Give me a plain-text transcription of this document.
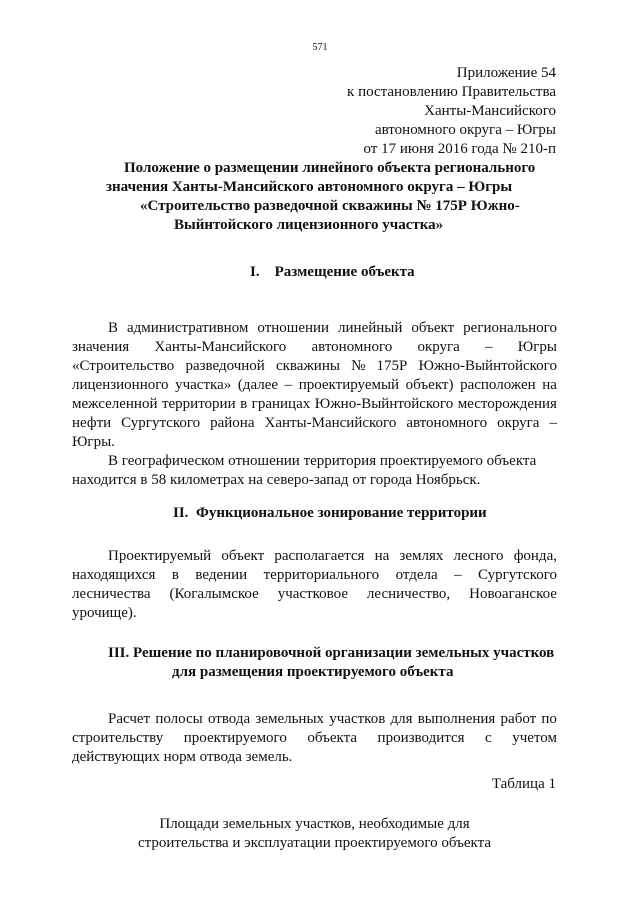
571
Приложение 54
к постановлению Правительства
Ханты-Мансийского
автономного округа – Югры
от 17 июня 2016 года № 210-п
Положение о размещении линейного объекта регионального
значения Ханты-Мансийского автономного округа – Югры
«Строительство разведочной скважины № 175Р Южно-
Выйнтойского лицензионного участка»
I. Размещение объекта
В административном отношении линейный объект регионального
значения Ханты-Мансийского автономного округа – Югры
«Строительство разведочной скважины № 175Р Южно-Выйнтойского
лицензионного участка» (далее – проектируемый объект) расположен на
межселенной территории в границах Южно-Выйнтойского месторождения
нефти Сургутского района Ханты-Мансийского автономного округа –
Югры.
В географическом отношении территория проектируемого объекта
находится в 58 километрах на северо-запад от города Ноябрьск.
II. Функциональное зонирование территории
Проектируемый объект располагается на землях лесного фонда,
находящихся в ведении территориального отдела – Сургутского
лесничества (Когалымское участковое лесничество, Новоаганское
урочище).
III. Решение по планировочной организации земельных участков
для размещения проектируемого объекта
Расчет полосы отвода земельных участков для выполнения работ по
строительству проектируемого объекта производится с учетом
действующих норм отвода земель.
Таблица 1
Площади земельных участков, необходимые для
строительства и эксплуатации проектируемого объекта
